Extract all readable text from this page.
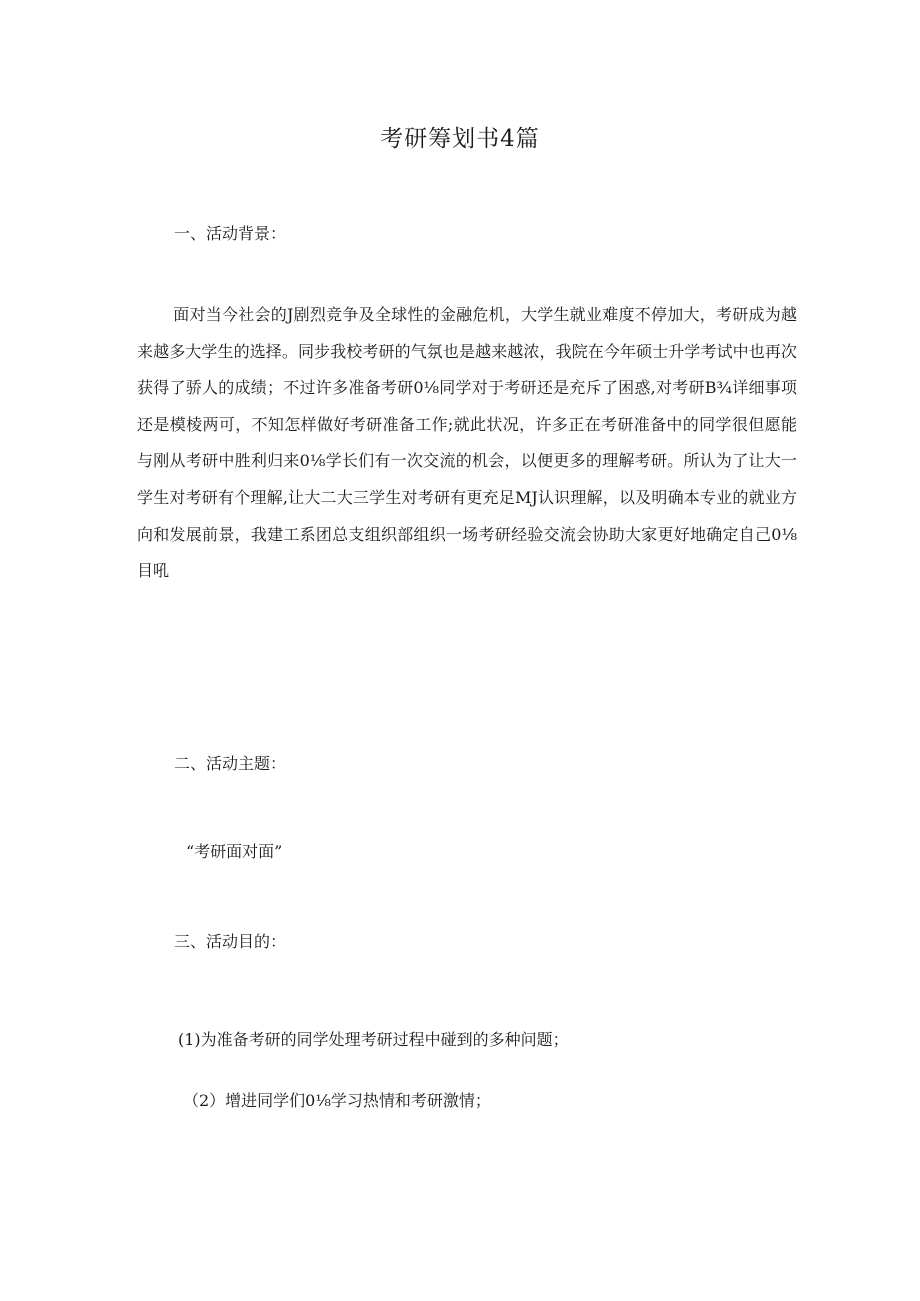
考研筹划书4篇
一、活动背景：

面对当今社会的J剧烈竞争及全球性的金融危机，大学生就业难度不停加大，考研成为越来越多大学生的选择。同步我校考研的气氛也是越来越浓，我院在今年硕士升学考试中也再次获得了骄人的成绩；不过许多准备考研0⅛同学对于考研还是充斥了困惑,对考研B¾详细事项还是模棱两可，不知怎样做好考研准备工作;就此状况，许多正在考研准备中的同学很但愿能与刚从考研中胜利归来0⅛学长们有一次交流的机会，以便更多的理解考研。所认为了让大一学生对考研有个理解,让大二大三学生对考研有更充足MJ认识理解，以及明确本专业的就业方向和发展前景，我建工系团总支组织部组织一场考研经验交流会协助大家更好地确定自己0⅛目吼

二、活动主题：

“考研面对面”

三、活动目的：

(1)为准备考研的同学处理考研过程中碰到的多种问题；

（2）增进同学们0⅛学习热情和考研激情；
